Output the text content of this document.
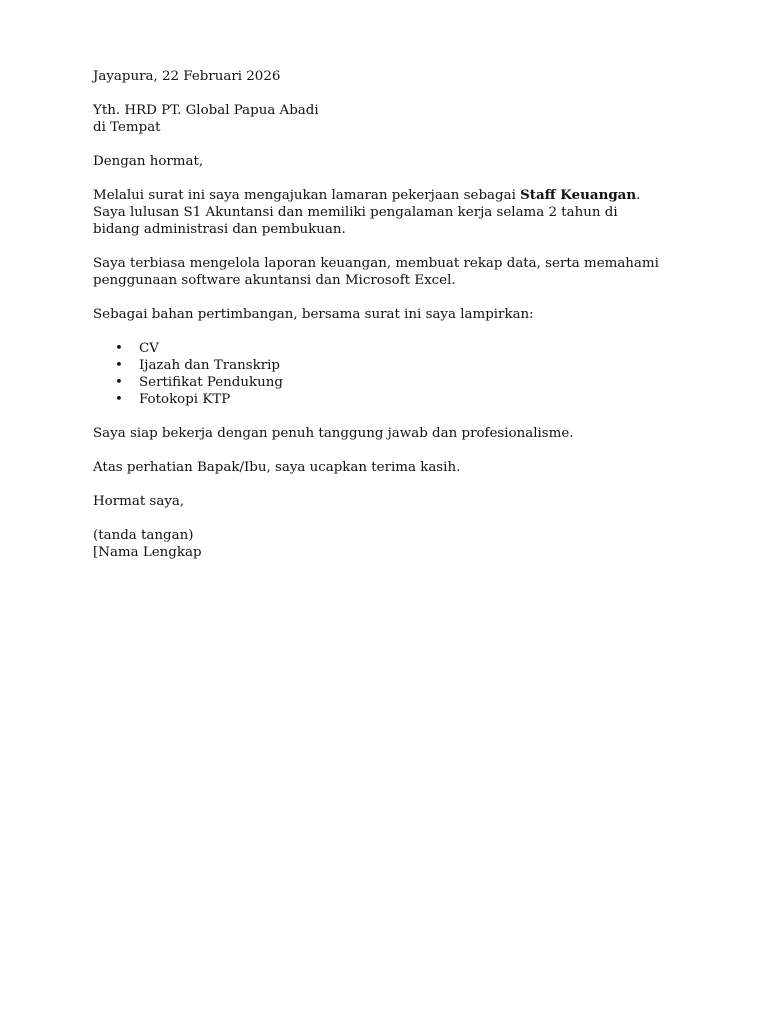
Jayapura, 22 Februari 2026

Yth. HRD PT. Global Papua Abadi

di Tempat

Dengan hormat,

Melalui surat ini saya mengajukan lamaran pekerjaan sebagai Staff Keuangan. Saya lulusan S1 Akuntansi dan memiliki pengalaman kerja selama 2 tahun di bidang administrasi dan pembukuan.

Saya terbiasa mengelola laporan keuangan, membuat rekap data, serta memahami penggunaan software akuntansi dan Microsoft Excel.

Sebagai bahan pertimbangan, bersama surat ini saya lampirkan:

• CV
• Ijazah dan Transkrip
• Sertifikat Pendukung
• Fotokopi KTP

Saya siap bekerja dengan penuh tanggung jawab dan profesionalisme.

Atas perhatian Bapak/Ibu, saya ucapkan terima kasih.

Hormat saya,

(tanda tangan)

[Nama Lengkap
